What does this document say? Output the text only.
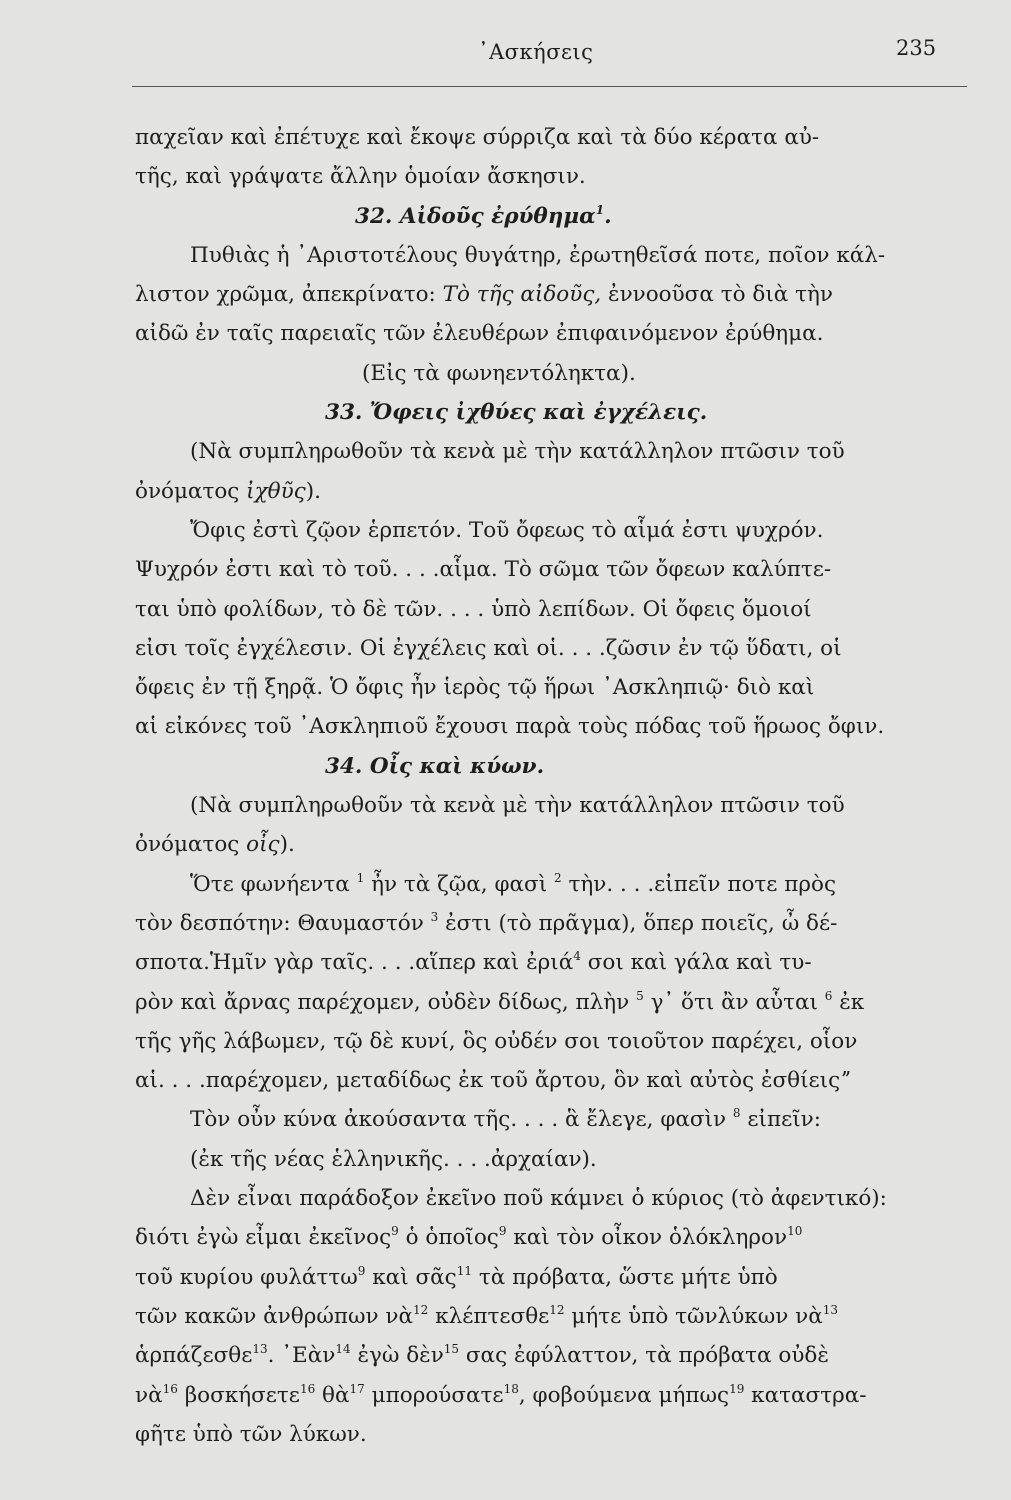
᾿Ασκήσεις	235
παχεῖαν καὶ ἐπέτυχε καὶ ἔκοψε σύρριζα καὶ τὰ δύο κέρατα αὐ-
τῆς, καὶ γράψατε ἄλλην ὁμοίαν ἄσκησιν.
32. Αἰδοῦς ἐρύθημα$^1$.
Πυθιὰς ἡ ᾿Αριστοτέλους θυγάτηρ, ἐρωτηθεῖσά ποτε, ποῖον κάλ-
λιστον χρῶμα, ἀπεκρίνατο: Τὸ τῆς αἰδοῦς, ἐννοοῦσα τὸ διὰ τὴν
αἰδῶ ἐν ταῖς παρειαῖς τῶν ἐλευθέρων ἐπιφαινόμενον ἐρύθημα.
(Εἰς τὰ φωνηεντόληκτα).
33. Ὄφεις ἰχθύες καὶ ἐγχέλεις.
(Νὰ συμπληρωθοῦν τὰ κενὰ μὲ τὴν κατάλληλον πτῶσιν τοῦ
ὀνόματος ἰχθῦς).
Ὄφις ἐστὶ ζῷον ἑρπετόν. Τοῦ ὄφεως τὸ αἷμά ἐστι ψυχρόν.
Ψυχρόν ἐστι καὶ τὸ τοῦ. . . .αἷμα. Τὸ σῶμα τῶν ὄφεων καλύπτε-
ται ὑπὸ φολίδων, τὸ δὲ τῶν. . . . ὑπὸ λεπίδων. Οἱ ὄφεις ὅμοιοί
εἰσι τοῖς ἐγχέλεσιν. Οἱ ἐγχέλεις καὶ οἱ. . . .ζῶσιν ἐν τῷ ὕδατι, οἱ
ὄφεις ἐν τῇ ξηρᾷ. Ὁ ὄφις ἦν ἱερὸς τῷ ἥρωι ᾿Ασκληπιῷ· διὸ καὶ
αἱ εἰκόνες τοῦ ᾿Ασκληπιοῦ ἔχουσι παρὰ τοὺς πόδας τοῦ ἥρωος ὄφιν.
34. Οἶς καὶ κύων.
(Νὰ συμπληρωθοῦν τὰ κενὰ μὲ τὴν κατάλληλον πτῶσιν τοῦ
ὀνόματος οἶς).
Ὅτε φωνήεντα $^1$ ἦν τὰ ζῷα, φασὶ $^2$ τὴν. . . .εἰπεῖν ποτε πρὸς
τὸν δεσπότην: Θαυμαστόν $^3$ ἐστι (τὸ πρᾶγμα), ὅπερ ποιεῖς, ὦ δέ-
σποτα.Ἡμῖν γὰρ ταῖς. . . .αἵπερ καὶ ἐριά$^4$ σοι καὶ γάλα καὶ τυ-
ρὸν καὶ ἄρνας παρέχομεν, οὐδὲν δίδως, πλὴν $^5$ γ᾿ ὅτι ἂν αὗται $^6$ ἐκ
τῆς γῆς λάβωμεν, τῷ δὲ κυνί, ὃς οὐδέν σοι τοιοῦτον παρέχει, οἷον
αἱ. . . .παρέχομεν, μεταδίδως ἐκ τοῦ ἄρτου, ὃν καὶ αὐτὸς ἐσθίειςˮ
Τὸν οὖν κύνα ἀκούσαντα τῆς. . . . ἃ ἔλεγε, φασὶν $^8$ εἰπεῖν:
(ἐκ τῆς νέας ἑλληνικῆς. . . .ἀρχαίαν).
Δὲν εἶναι παράδοξον ἐκεῖνο ποῦ κάμνει ὁ κύριος (τὸ ἀφεντικό):
διότι ἐγὼ εἶμαι ἐκεῖνος$^9$ ὁ ὁποῖος$^9$ καὶ τὸν οἶκον ὁλόκληρον$^{10}$
τοῦ κυρίου φυλάττω$^9$ καὶ σᾶς$^{11}$ τὰ πρόβατα, ὥστε μήτε ὑπὸ
τῶν κακῶν ἀνθρώπων νὰ$^{12}$ κλέπτεσθε$^{12}$ μήτε ὑπὸ τῶνλύκων νὰ$^{13}$
ἁρπάζεσθε$^{13}$. ᾿Εὰν$^{14}$ ἐγὼ δὲν$^{15}$ σας ἐφύλαττον, τὰ πρόβατα οὐδὲ
νὰ$^{16}$ βοσκήσετε$^{16}$ θὰ$^{17}$ μπορούσατε$^{18}$, φοβούμενα μήπως$^{19}$ καταστρα-
φῆτε ὑπὸ τῶν λύκων.
